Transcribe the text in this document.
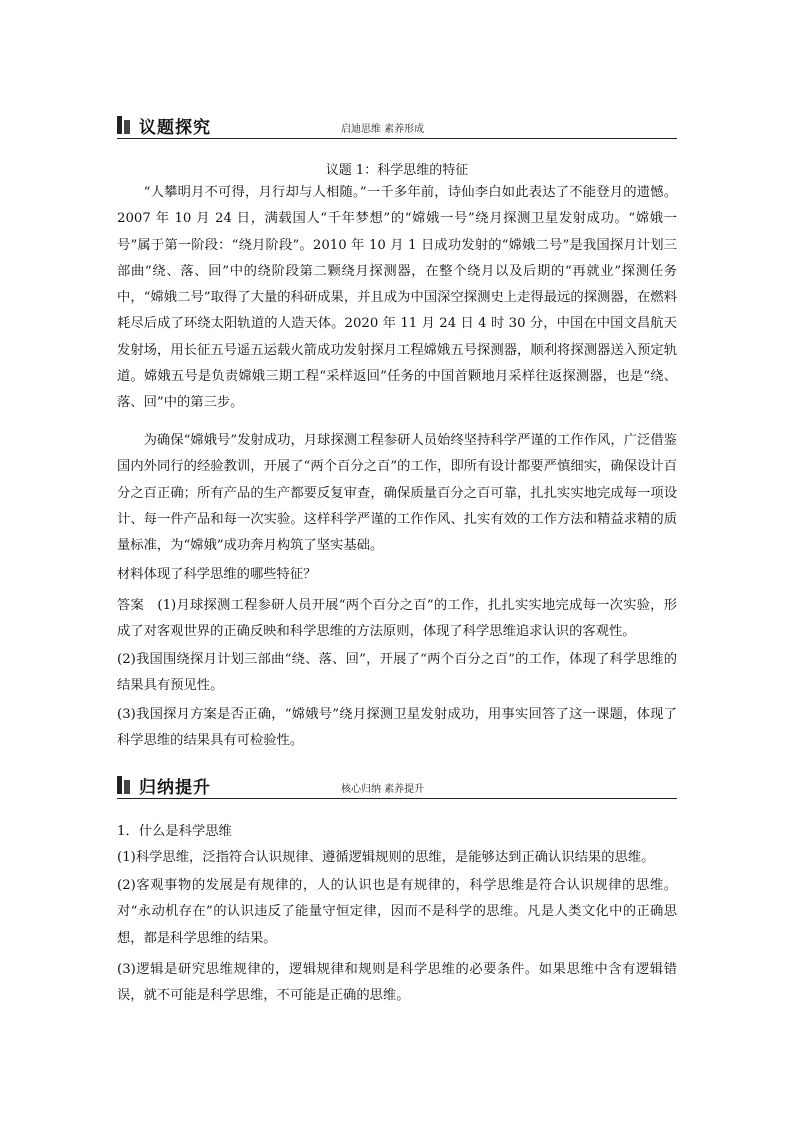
议题探究	启迪思维 素养形成
议题 1：科学思维的特征

“人攀明月不可得，月行却与人相随。”一千多年前，诗仙李白如此表达了不能登月的遗憾。2007 年 10 月 24 日，满载国人“千年梦想”的“嫦娥一号”绕月探测卫星发射成功。“嫦娥一号”属于第一阶段：“绕月阶段”。2010 年 10 月 1 日成功发射的“嫦娥二号”是我国探月计划三部曲“绕、落、回”中的绕阶段第二颗绕月探测器，在整个绕月以及后期的“再就业”探测任务中，“嫦娥二号”取得了大量的科研成果，并且成为中国深空探测史上走得最远的探测器，在燃料耗尽后成了环绕太阳轨道的人造天体。2020 年 11 月 24 日 4 时 30 分，中国在中国文昌航天发射场，用长征五号遥五运载火箭成功发射探月工程嫦娥五号探测器，顺利将探测器送入预定轨道。嫦娥五号是负责嫦娥三期工程“采样返回”任务的中国首颗地月采样往返探测器，也是“绕、落、回”中的第三步。

为确保“嫦娥号”发射成功，月球探测工程参研人员始终坚持科学严谨的工作作风，广泛借鉴国内外同行的经验教训，开展了“两个百分之百”的工作，即所有设计都要严慎细实，确保设计百分之百正确；所有产品的生产都要反复审查，确保质量百分之百可靠，扎扎实实地完成每一项设计、每一件产品和每一次实验。这样科学严谨的工作作风、扎实有效的工作方法和精益求精的质量标准，为“嫦娥”成功奔月构筑了坚实基础。

材料体现了科学思维的哪些特征？

答案 (1)月球探测工程参研人员开展“两个百分之百”的工作，扎扎实实地完成每一次实验，形成了对客观世界的正确反映和科学思维的方法原则，体现了科学思维追求认识的客观性。

(2)我国围绕探月计划三部曲“绕、落、回”，开展了“两个百分之百”的工作，体现了科学思维的结果具有预见性。

(3)我国探月方案是否正确，“嫦娥号”绕月探测卫星发射成功，用事实回答了这一课题，体现了科学思维的结果具有可检验性。

归纳提升	核心归纳 素养提升

1．什么是科学思维

(1)科学思维，泛指符合认识规律、遵循逻辑规则的思维，是能够达到正确认识结果的思维。

(2)客观事物的发展是有规律的，人的认识也是有规律的，科学思维是符合认识规律的思维。对“永动机存在”的认识违反了能量守恒定律，因而不是科学的思维。凡是人类文化中的正确思想，都是科学思维的结果。

(3)逻辑是研究思维规律的，逻辑规律和规则是科学思维的必要条件。如果思维中含有逻辑错误，就不可能是科学思维，不可能是正确的思维。
